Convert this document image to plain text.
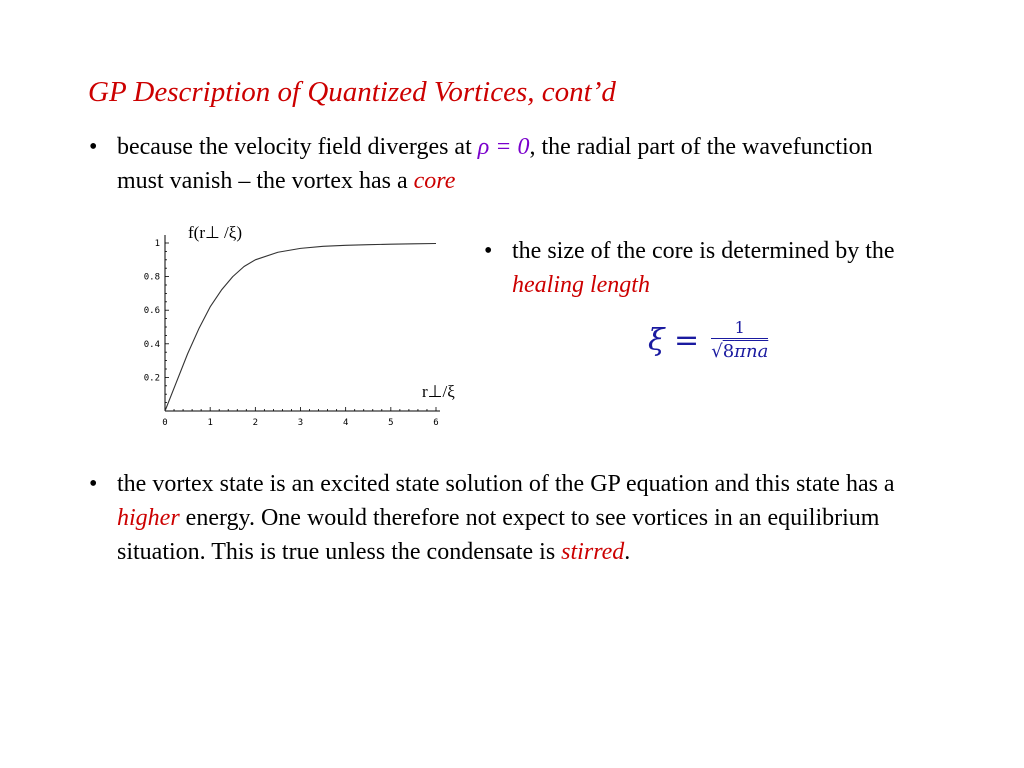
GP Description of Quantized Vortices, cont’d
• because the velocity field diverges at ρ = 0, the radial part of the wavefunction must vanish – the vortex has a core
0	1	2	3	4	5	6
0.2
0.4
0.6
0.8
1
f(r⊥ /ξ)
r⊥/ξ
• the size of the core is determined by the healing length
$\xi = \frac{1}{\text{√8πna}}$
• the vortex state is an excited state solution of the GP equation and this state has a higher energy. One would therefore not expect to see vortices in an equilibrium situation. This is true unless the condensate is stirred.
